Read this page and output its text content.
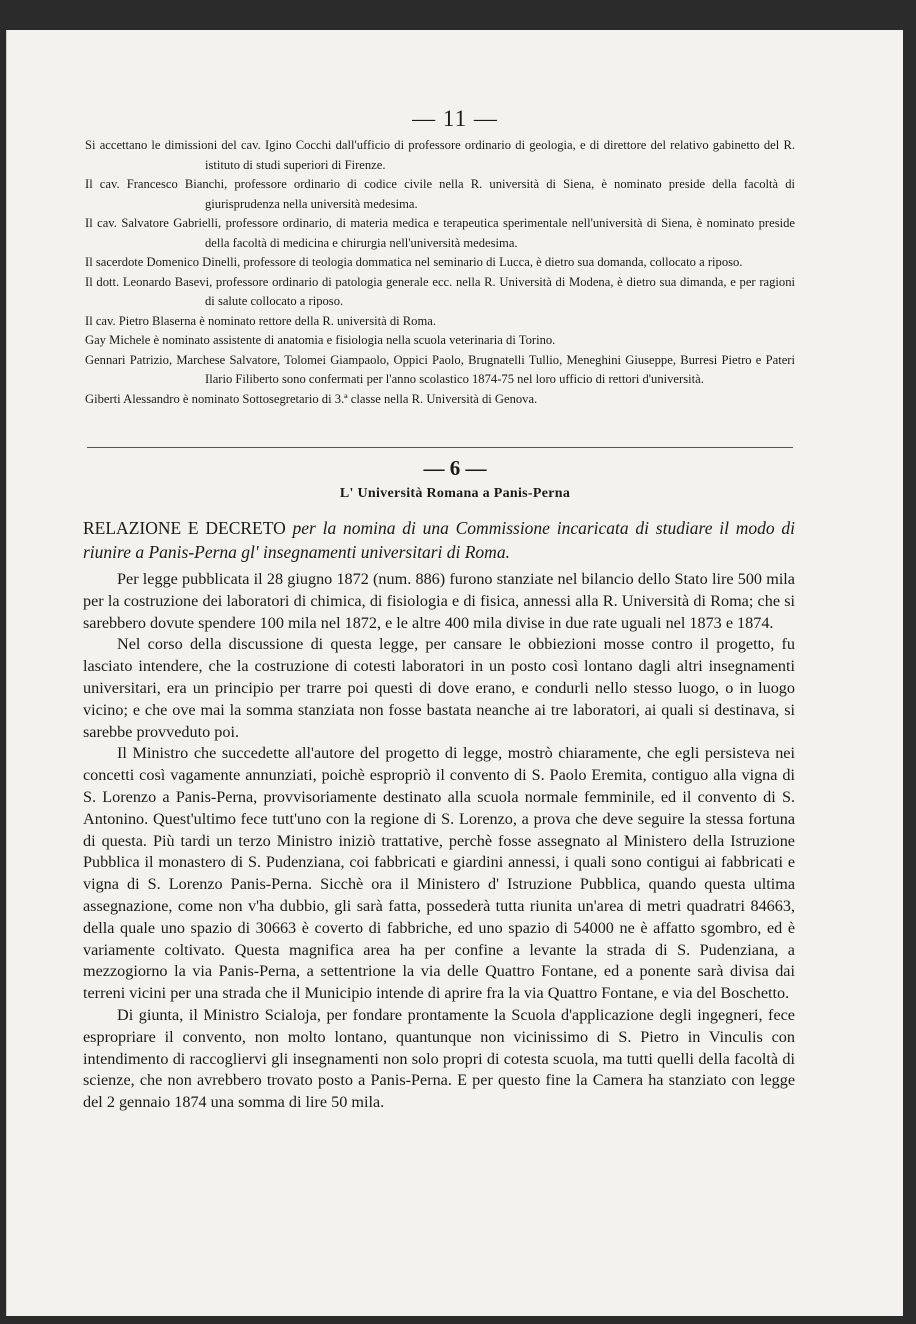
— 11 —
Si accettano le dimissioni del cav. Igino Cocchi dall'ufficio di professore ordinario di geologia, e di direttore del relativo gabinetto del R. istituto di studi superiori di Firenze.
Il cav. Francesco Bianchi, professore ordinario di codice civile nella R. università di Siena, è nominato preside della facoltà di giurisprudenza nella università medesima.
Il cav. Salvatore Gabrielli, professore ordinario, di materia medica e terapeutica sperimentale nell'università di Siena, è nominato preside della facoltà di medicina e chirurgia nell'università medesima.
Il sacerdote Domenico Dinelli, professore di teologia dommatica nel seminario di Lucca, è dietro sua domanda, collocato a riposo.
Il dott. Leonardo Basevi, professore ordinario di patologia generale ecc. nella R. Università di Modena, è dietro sua dimanda, e per ragioni di salute collocato a riposo.
Il cav. Pietro Blaserna è nominato rettore della R. università di Roma.
Gay Michele è nominato assistente di anatomia e fisiologia nella scuola veterinaria di Torino.
Gennari Patrizio, Marchese Salvatore, Tolomei Giampaolo, Oppici Paolo, Brugnatelli Tullio, Meneghini Giuseppe, Burresi Pietro e Pateri Ilario Filiberto sono confermati per l'anno scolastico 1874-75 nel loro ufficio di rettori d'università.
Giberti Alessandro è nominato Sottosegretario di 3.ª classe nella R. Università di Genova.
— 6 —
L' Università Romana a Panis-Perna
RELAZIONE E DECRETO per la nomina di una Commissione incaricata di studiare il modo di riunire a Panis-Perna gl' insegnamenti universitari di Roma.

Per legge pubblicata il 28 giugno 1872 (num. 886) furono stanziate nel bilancio dello Stato lire 500 mila per la costruzione dei laboratori di chimica, di fisiologia e di fisica, annessi alla R. Università di Roma; che si sarebbero dovute spendere 100 mila nel 1872, e le altre 400 mila divise in due rate uguali nel 1873 e 1874.

Nel corso della discussione di questa legge, per cansare le obbiezioni mosse contro il progetto, fu lasciato intendere, che la costruzione di cotesti laboratori in un posto così lontano dagli altri insegnamenti universitari, era un principio per trarre poi questi di dove erano, e condurli nello stesso luogo, o in luogo vicino; e che ove mai la somma stanziata non fosse bastata neanche ai tre laboratori, ai quali si destinava, si sarebbe provveduto poi.

Il Ministro che succedette all'autore del progetto di legge, mostrò chiaramente, che egli persisteva nei concetti così vagamente annunziati, poichè espropriò il convento di S. Paolo Eremita, contiguo alla vigna di S. Lorenzo a Panis-Perna, provvisoriamente destinato alla scuola normale femminile, ed il convento di S. Antonino. Quest'ultimo fece tutt'uno con la regione di S. Lorenzo, a prova che deve seguire la stessa fortuna di questa. Più tardi un terzo Ministro iniziò trattative, perchè fosse assegnato al Ministero della Istruzione Pubblica il monastero di S. Pudenziana, coi fabbricati e giardini annessi, i quali sono contigui ai fabbricati e vigna di S. Lorenzo Panis-Perna. Sicchè ora il Ministero d' Istruzione Pubblica, quando questa ultima assegnazione, come non v'ha dubbio, gli sarà fatta, possederà tutta riunita un'area di metri quadratri 84663, della quale uno spazio di 30663 è coverto di fabbriche, ed uno spazio di 54000 ne è affatto sgombro, ed è variamente coltivato. Questa magnifica area ha per confine a levante la strada di S. Pudenziana, a mezzogiorno la via Panis-Perna, a settentrione la via delle Quattro Fontane, ed a ponente sarà divisa dai terreni vicini per una strada che il Municipio intende di aprire fra la via Quattro Fontane, e via del Boschetto.

Di giunta, il Ministro Scialoja, per fondare prontamente la Scuola d'applicazione degli ingegneri, fece espropriare il convento, non molto lontano, quantunque non vicinissimo di S. Pietro in Vinculis con intendimento di raccogliervi gli insegnamenti non solo propri di cotesta scuola, ma tutti quelli della facoltà di scienze, che non avrebbero trovato posto a Panis-Perna. E per questo fine la Camera ha stanziato con legge del 2 gennaio 1874 una somma di lire 50 mila.
